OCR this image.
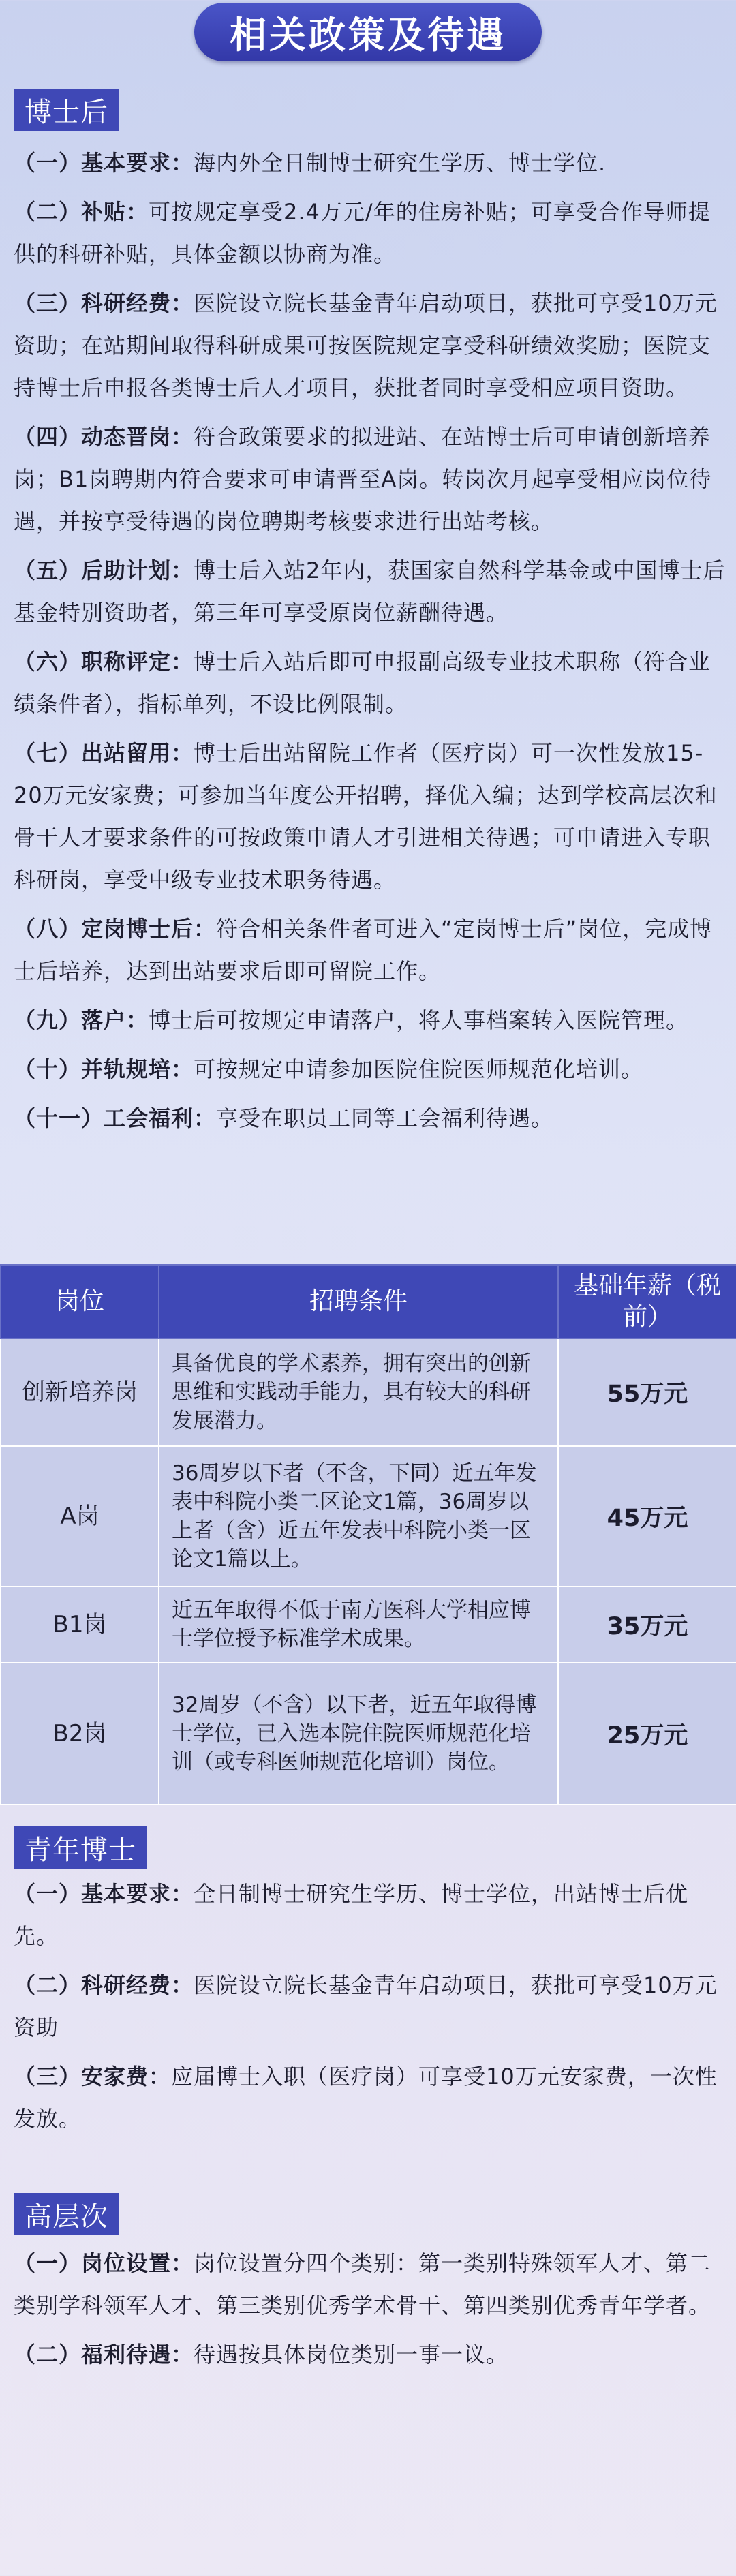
相关政策及待遇
博士后

（一）基本要求：海内外全日制博士研究生学历、博士学位.

（二）补贴：可按规定享受2.4万元/年的住房补贴；可享受合作导师提供的科研补贴，具体金额以协商为准。

（三）科研经费：医院设立院长基金青年启动项目，获批可享受10万元资助；在站期间取得科研成果可按医院规定享受科研绩效奖励；医院支持博士后申报各类博士后人才项目，获批者同时享受相应项目资助。

（四）动态晋岗：符合政策要求的拟进站、在站博士后可申请创新培养岗；B1岗聘期内符合要求可申请晋至A岗。转岗次月起享受相应岗位待遇，并按享受待遇的岗位聘期考核要求进行出站考核。

（五）后助计划：博士后入站2年内，获国家自然科学基金或中国博士后基金特别资助者，第三年可享受原岗位薪酬待遇。

（六）职称评定：博士后入站后即可申报副高级专业技术职称（符合业绩条件者），指标单列，不设比例限制。

（七）出站留用：博士后出站留院工作者（医疗岗）可一次性发放15-20万元安家费；可参加当年度公开招聘，择优入编；达到学校高层次和骨干人才要求条件的可按政策申请人才引进相关待遇；可申请进入专职科研岗，享受中级专业技术职务待遇。

（八）定岗博士后：符合相关条件者可进入“定岗博士后”岗位，完成博士后培养，达到出站要求后即可留院工作。

（九）落户：博士后可按规定申请落户，将人事档案转入医院管理。

（十）并轨规培：可按规定申请参加医院住院医师规范化培训。

（十一）工会福利：享受在职员工同等工会福利待遇。

岗位	招聘条件	基础年薪（税前）
创新培养岗	具备优良的学术素养，拥有突出的创新思维和实践动手能力，具有较大的科研发展潜力。	55万元
A岗	36周岁以下者（不含，下同）近五年发表中科院小类二区论文1篇，36周岁以上者（含）近五年发表中科院小类一区论文1篇以上。	45万元
B1岗	近五年取得不低于南方医科大学相应博士学位授予标准学术成果。	35万元
B2岗	32周岁（不含）以下者，近五年取得博士学位，已入选本院住院医师规范化培训（或专科医师规范化培训）岗位。	25万元
青年博士

（一）基本要求：全日制博士研究生学历、博士学位，出站博士后优先。

（二）科研经费：医院设立院长基金青年启动项目，获批可享受10万元资助

（三）安家费：应届博士入职（医疗岗）可享受10万元安家费，一次性发放。

高层次

（一）岗位设置：岗位设置分四个类别：第一类别特殊领军人才、第二类别学科领军人才、第三类别优秀学术骨干、第四类别优秀青年学者。

（二）福利待遇：待遇按具体岗位类别一事一议。
